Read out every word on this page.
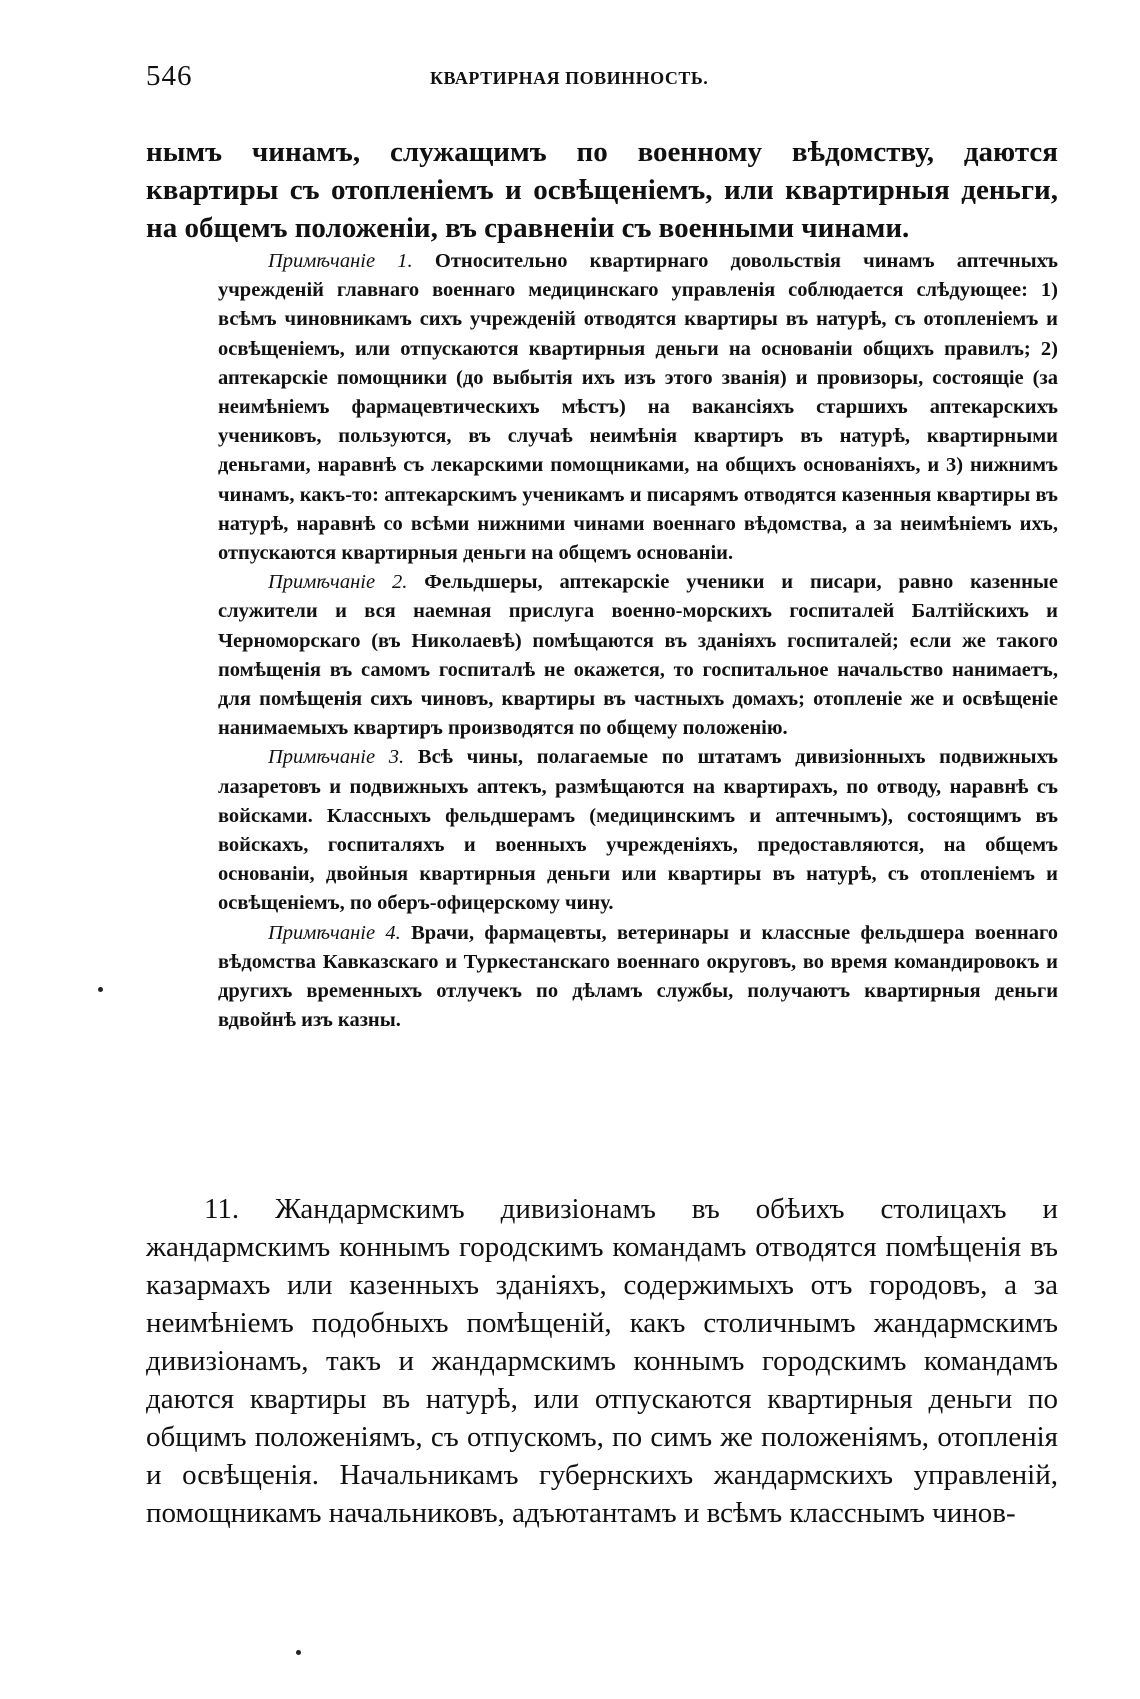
546	КВАРТИРНАЯ ПОВИННОСТЬ.

нымъ чинамъ, служащимъ по военному вѣдомству, даются квартиры съ отопленіемъ и освѣщеніемъ, или квартирныя деньги, на общемъ положеніи, въ сравненіи съ военными чинами.

Примѣчаніе 1. Относительно квартирнаго довольствія чинамъ аптечныхъ учрежденій главнаго военнаго медицинскаго управленія соблюдается слѣдующее: 1) всѣмъ чиновникамъ сихъ учрежденій отводятся квартиры въ натурѣ, съ отопленіемъ и освѣщеніемъ, или отпускаются квартирныя деньги на основаніи общихъ правилъ; 2) аптекарскіе помощники (до выбытія ихъ изъ этого званія) и провизоры, состоящіе (за неимѣніемъ фармацевтическихъ мѣстъ) на вакансіяхъ старшихъ аптекарскихъ учениковъ, пользуются, въ случаѣ неимѣнія квартиръ въ натурѣ, квартирными деньгами, наравнѣ съ лекарскими помощниками, на общихъ основаніяхъ, и 3) нижнимъ чинамъ, какъ-то: аптекарскимъ ученикамъ и писарямъ отводятся казенныя квартиры въ натурѣ, наравнѣ со всѣми нижними чинами военнаго вѣдомства, а за неимѣніемъ ихъ, отпускаются квартирныя деньги на общемъ основаніи.

Примѣчаніе 2. Фельдшеры, аптекарскіе ученики и писари, равно казенные служители и вся наемная прислуга военно-морскихъ госпиталей Балтійскихъ и Черноморскаго (въ Николаевѣ) помѣщаются въ зданіяхъ госпиталей; если же такого помѣщенія въ самомъ госпиталѣ не окажется, то госпитальное начальство нанимаетъ, для помѣщенія сихъ чиновъ, квартиры въ частныхъ домахъ; отопленіе же и освѣщеніе нанимаемыхъ квартиръ производятся по общему положенію.

Примѣчаніе 3. Всѣ чины, полагаемые по штатамъ дивизіонныхъ подвижныхъ лазаретовъ и подвижныхъ аптекъ, размѣщаются на квартирахъ, по отводу, наравнѣ съ войсками. Классныхъ фельдшерамъ (медицинскимъ и аптечнымъ), состоящимъ въ войскахъ, госпиталяхъ и военныхъ учрежденіяхъ, предоставляются, на общемъ основаніи, двойныя квартирныя деньги или квартиры въ натурѣ, съ отопленіемъ и освѣщеніемъ, по оберъ-офицерскому чину.

Примѣчаніе 4. Врачи, фармацевты, ветеринары и классные фельдшера военнаго вѣдомства Кавказскаго и Туркестанскаго военнаго округовъ, во время командировокъ и другихъ временныхъ отлучекъ по дѣламъ службы, получаютъ квартирныя деньги вдвойнѣ изъ казны.

11. Жандармскимъ дивизіонамъ въ обѣихъ столицахъ и жандармскимъ коннымъ городскимъ командамъ отводятся помѣщенія въ казармахъ или казенныхъ зданіяхъ, содержимыхъ отъ городовъ, а за неимѣніемъ подобныхъ помѣщеній, какъ столичнымъ жандармскимъ дивизіонамъ, такъ и жандармскимъ коннымъ городскимъ командамъ даются квартиры въ натурѣ, или отпускаются квартирныя деньги по общимъ положеніямъ, съ отпускомъ, по симъ же положеніямъ, отопленія и освѣщенія. Начальникамъ губернскихъ жандармскихъ управленій, помощникамъ начальниковъ, адъютантамъ и всѣмъ класснымъ чинов-
